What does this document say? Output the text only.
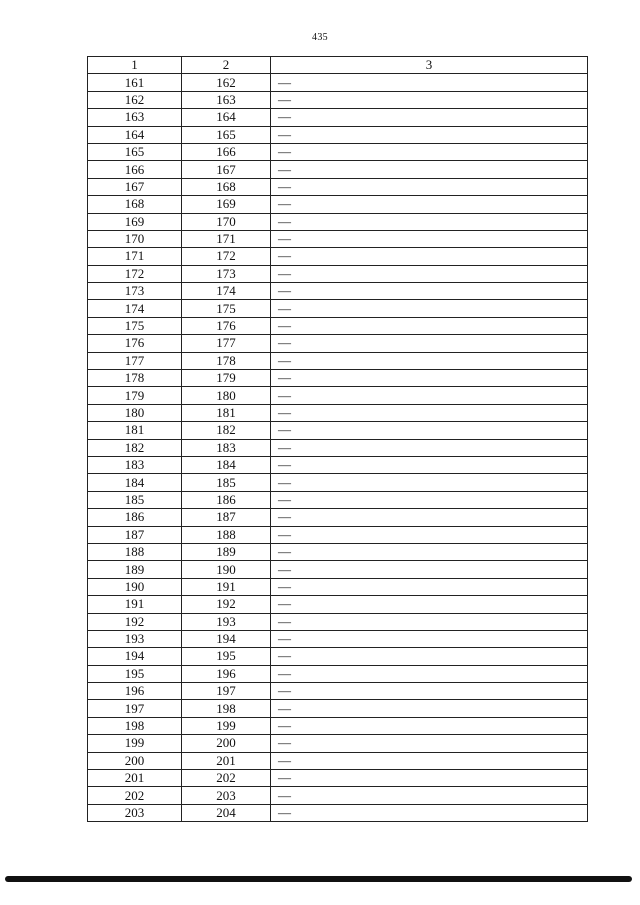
435
1	2	3
161	162	—
162	163	—
163	164	—
164	165	—
165	166	—
166	167	—
167	168	—
168	169	—
169	170	—
170	171	—
171	172	—
172	173	—
173	174	—
174	175	—
175	176	—
176	177	—
177	178	—
178	179	—
179	180	—
180	181	—
181	182	—
182	183	—
183	184	—
184	185	—
185	186	—
186	187	—
187	188	—
188	189	—
189	190	—
190	191	—
191	192	—
192	193	—
193	194	—
194	195	—
195	196	—
196	197	—
197	198	—
198	199	—
199	200	—
200	201	—
201	202	—
202	203	—
203	204	—
